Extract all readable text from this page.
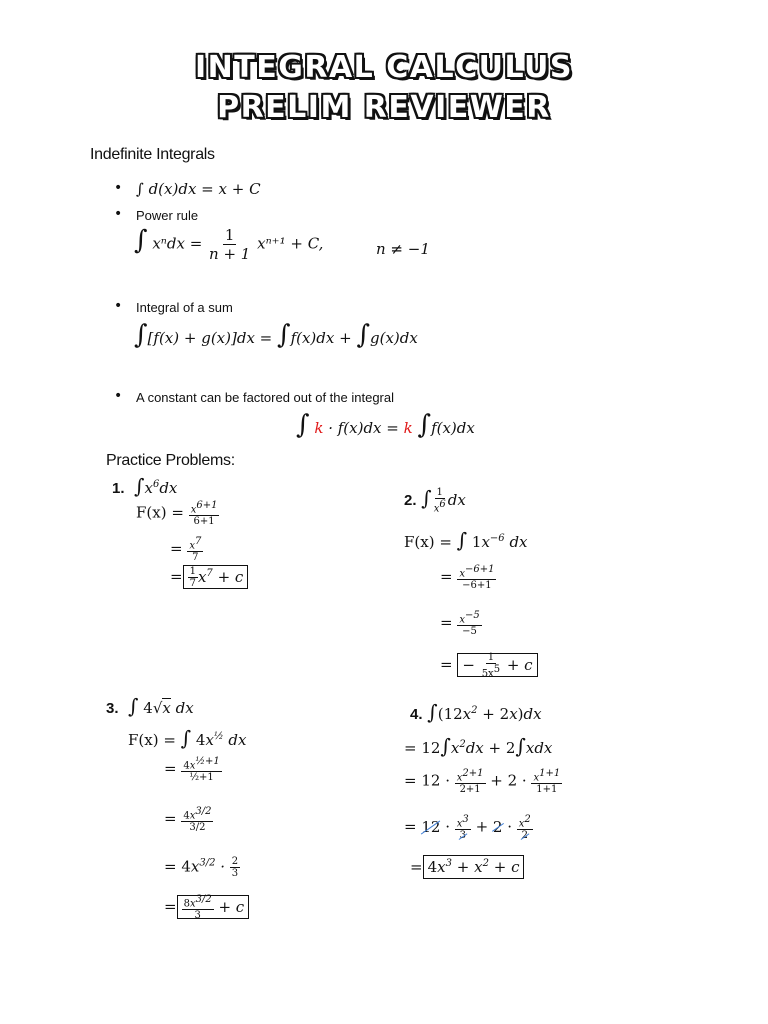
INTEGRAL CALCULUS
PRELIM REVIEWER
Indefinite Integrals
• ∫ d(x)dx = x + C
• Power rule
∫ $x^ndx = \frac{1}{n + 1} x^{n+1} + C$,	n ≠ −1
• Integral of a sum
∫[f(x) + g(x)]dx = ∫f(x)dx + ∫g(x)dx
• A constant can be factored out of the integral
∫ k · f(x)dx = k ∫f(x)dx
Practice Problems:
1. $\int x^6dx$
$F(x) = \frac{x^{6+1}}{6+1}$
= $\frac{x^7}{7}$
= $\frac{1}{7} x^7 + c$
2. ∫ $\frac{1}{x^6}$ dx
F(x) = ∫ $1x^{-6}$ dx
= $\frac{x^{-6+1}}{-6+1}$
= $\frac{x^{-5}}{-5}$
= − $\frac{1}{5x^5} + c$
3. ∫ 4√x dx
F(x) = ∫ $4x^{\frac{1}{2}}$ dx
= $\frac{4x^{\frac{1}{2}+1}}{\text{½+1}}$
= $\frac{4x^{3/2}}{3/2}$
= $4x^{3/2} \cdot \frac{2}{3}$
= $\frac{8x^{3/2}}{3} + c$
4. $\int(12x^2 + 2x)dx$
= $12\int x^2dx + 2\int xdx$
= $12 \cdot \frac{x^{2+1}}{2+1} + 2 \cdot \frac{x^{1+1}}{1+1}$
= $12 \cdot \frac{x^3}{3} + 2 \cdot \frac{x^2}{2}$
= $4x^3 + x^2 + c$
